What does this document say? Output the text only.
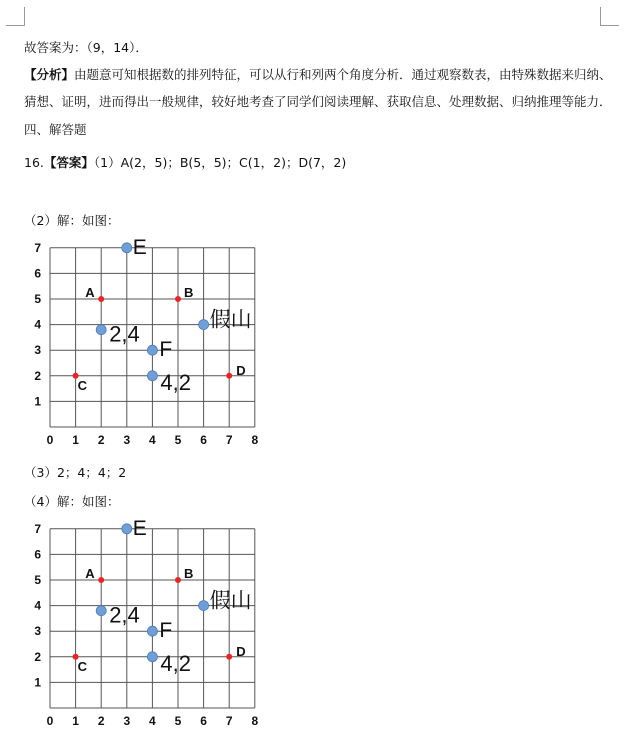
故答案为：（9，14）．
【分析】由题意可知根据数的排列特征，可以从行和列两个角度分析．通过观察数表，由特殊数据来归纳、
猜想、证明，进而得出一般规律，较好地考查了同学们阅读理解、获取信息、处理数据、归纳推理等能力．
四、解答题
16.【答案】（1）A(2，5)；B(5，5)；C(1，2)；D(7，2)
（2）解：如图：
0 1 2 3 4 5 6 7 8
1
2
3
4
5
6
7
A	B
C
D
E
2,4
假山
F
4,2
（3）2；4；4；2
（4）解：如图：
0 1 2 3 4 5 6 7 8
1
2
3
4
5
6
7
A	B
C
D
E
2,4
假山
F
4,2
